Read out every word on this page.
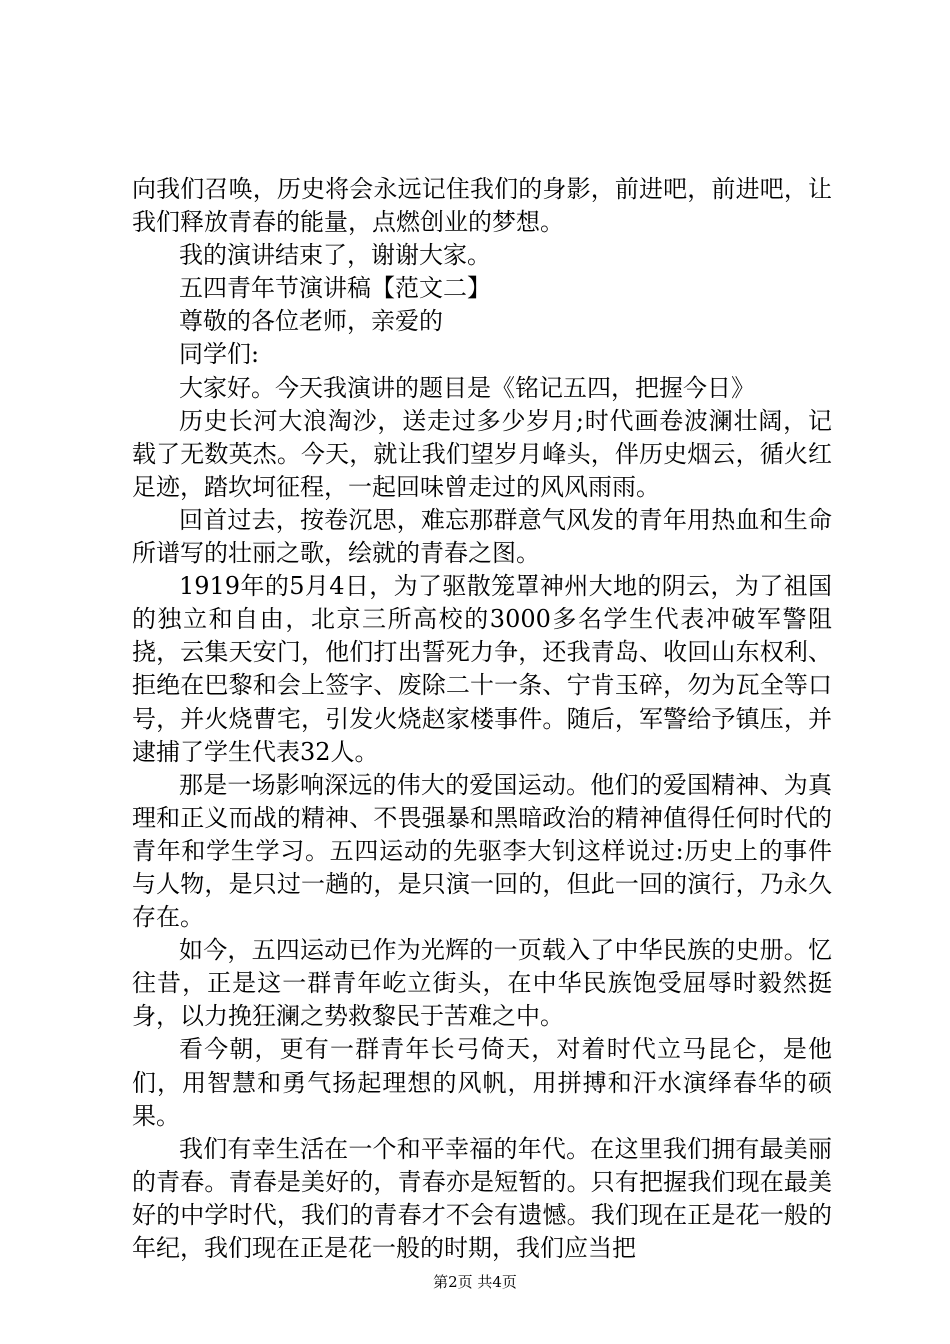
向我们召唤，历史将会永远记住我们的身影，前进吧，前进吧，让我们释放青春的能量，点燃创业的梦想。

我的演讲结束了，谢谢大家。

五四青年节演讲稿【范文二】

尊敬的各位老师，亲爱的

同学们:

大家好。今天我演讲的题目是《铭记五四，把握今日》

历史长河大浪淘沙，送走过多少岁月;时代画卷波澜壮阔，记载了无数英杰。今天，就让我们望岁月峰头，伴历史烟云，循火红足迹，踏坎坷征程，一起回味曾走过的风风雨雨。

回首过去，按卷沉思，难忘那群意气风发的青年用热血和生命所谱写的壮丽之歌，绘就的青春之图。

1919年的5月4日，为了驱散笼罩神州大地的阴云，为了祖国的独立和自由，北京三所高校的3000多名学生代表冲破军警阻挠，云集天安门，他们打出誓死力争，还我青岛、收回山东权利、拒绝在巴黎和会上签字、废除二十一条、宁肯玉碎，勿为瓦全等口号，并火烧曹宅，引发火烧赵家楼事件。随后，军警给予镇压，并逮捕了学生代表32人。

那是一场影响深远的伟大的爱国运动。他们的爱国精神、为真理和正义而战的精神、不畏强暴和黑暗政治的精神值得任何时代的青年和学生学习。五四运动的先驱李大钊这样说过:历史上的事件与人物，是只过一趟的，是只演一回的，但此一回的演行，乃永久存在。

如今，五四运动已作为光辉的一页载入了中华民族的史册。忆往昔，正是这一群青年屹立街头，在中华民族饱受屈辱时毅然挺身，以力挽狂澜之势救黎民于苦难之中。

看今朝，更有一群青年长弓倚天，对着时代立马昆仑，是他们，用智慧和勇气扬起理想的风帆，用拼搏和汗水演绎春华的硕果。

我们有幸生活在一个和平幸福的年代。在这里我们拥有最美丽的青春。青春是美好的，青春亦是短暂的。只有把握我们现在最美好的中学时代，我们的青春才不会有遗憾。我们现在正是花一般的年纪，我们现在正是花一般的时期，我们应当把

第2页 共4页
